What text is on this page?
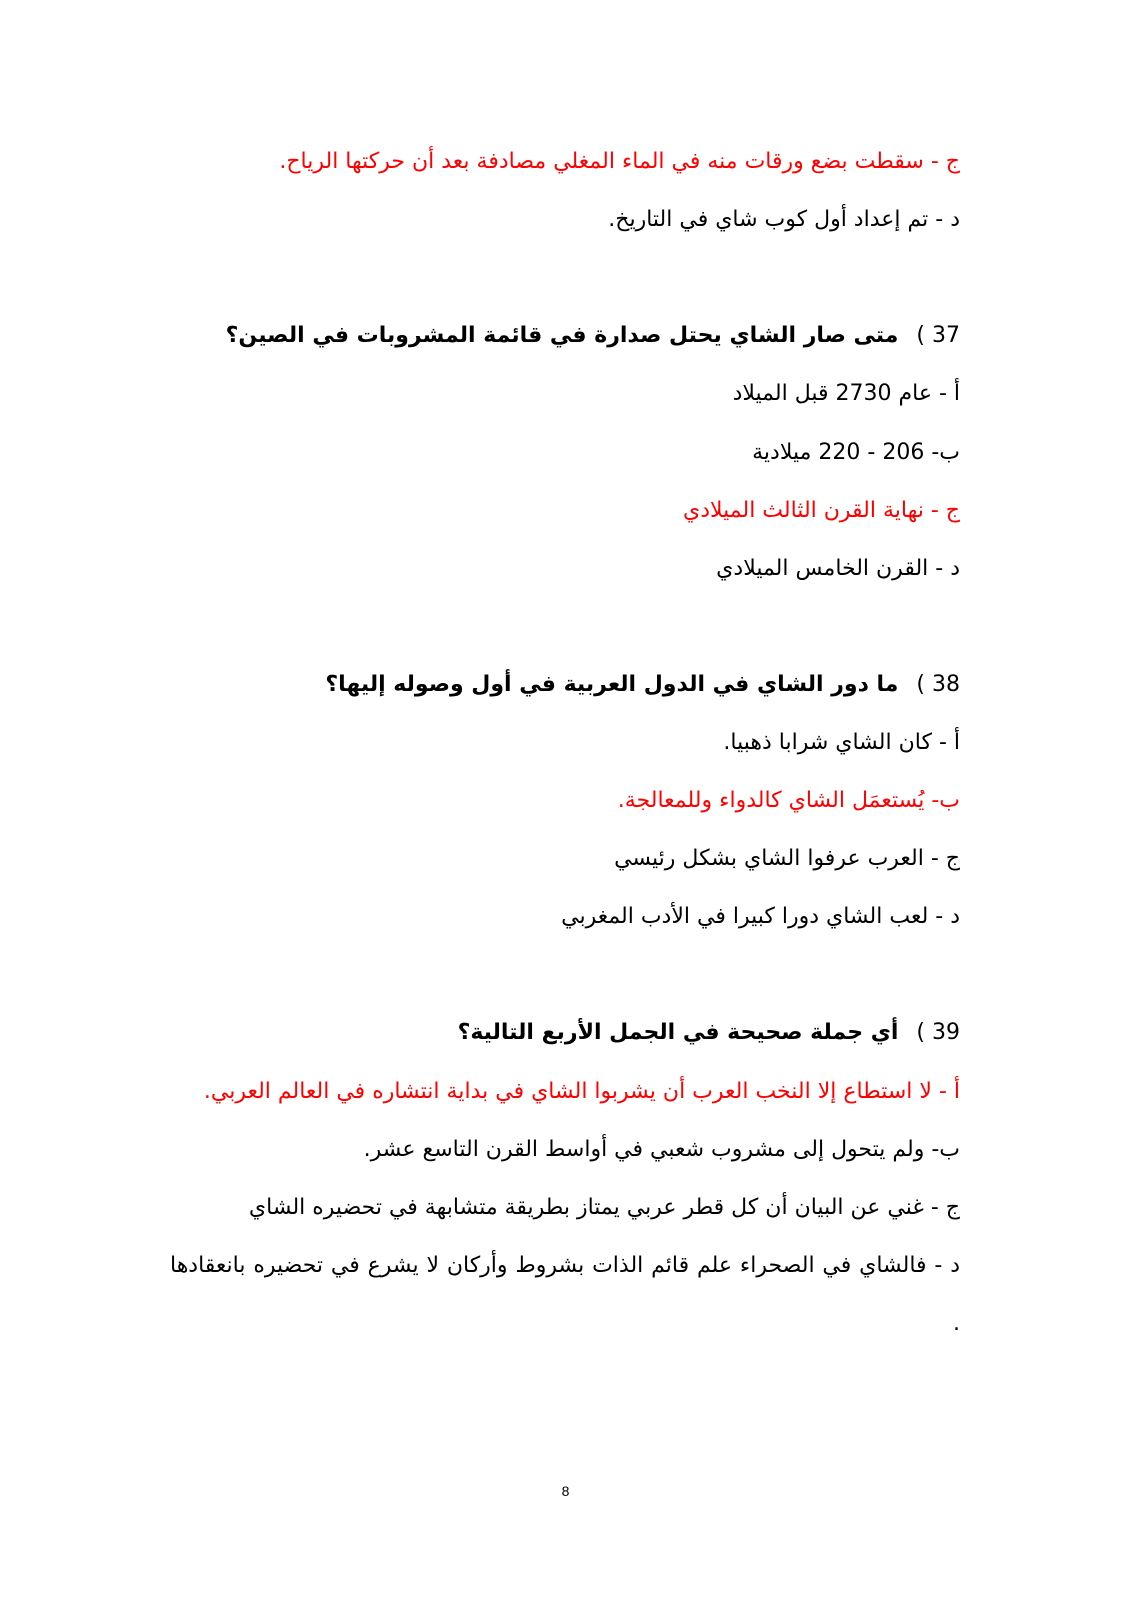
ج - سقطت بضع ورقات منه في الماء المغلي مصادفة بعد أن حركتها الرياح.
د - تم إعداد أول كوب شاي في التاريخ.
37 )متى صار الشاي يحتل صدارة في قائمة المشروبات في الصين؟
أ - عام 2730 قبل الميلاد
ب- 206 - 220 ميلادية
ج - نهاية القرن الثالث الميلادي
د - القرن الخامس الميلادي
38 )ما دور الشاي في الدول العربية في أول وصوله إليها؟
أ - كان الشاي شرابا ذهبيا.
ب- يُستعمَل الشاي كالدواء وللمعالجة.
ج - العرب عرفوا الشاي بشكل رئيسي
د - لعب الشاي دورا كبيرا في الأدب المغربي
39 )أي جملة صحيحة في الجمل الأربع التالية؟
أ - لا استطاع إلا النخب العرب أن يشربوا الشاي في بداية انتشاره في العالم العربي.
ب- ولم يتحول إلى مشروب شعبي في أواسط القرن التاسع عشر.
ج - غني عن البيان أن كل قطر عربي يمتاز بطريقة متشابهة في تحضيره الشاي
د - فالشاي في الصحراء علم قائم الذات بشروط وأركان لا يشرع في تحضيره بانعقادها .
8
